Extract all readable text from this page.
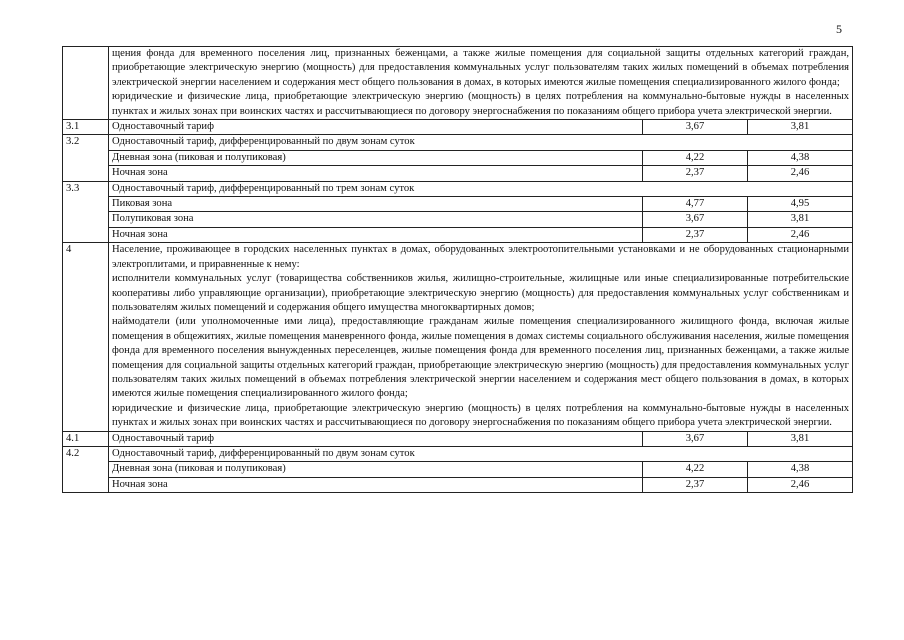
5

	щения фонда для временного поселения лиц, признанных беженцами, а также жилые помещения для социальной защиты отдельных категорий граждан, приобретающие электрическую энергию (мощность) для предоставления коммунальных услуг пользователям таких жилых помещений в объемах потребления электрической энергии населением и содержания мест общего пользования в домах, в которых имеются жилые помещения специализированного жилого фонда;

юридические и физические лица, приобретающие электрическую энергию (мощность) в целях потребления на коммунально-бытовые нужды в населенных пунктах и жилых зонах при воинских частях и рассчитывающиеся по договору энергоснабжения по показаниям общего прибора учета электрической энергии.		

3.1	Одноставочный тариф	3,67	3,81
3.2	Одноставочный тариф, дифференцированный по двум зонам суток		
	Дневная зона (пиковая и полупиковая)	4,22	4,38
	Ночная зона	2,37	2,46
3.3	Одноставочный тариф, дифференцированный по трем зонам суток		
	Пиковая зона	4,77	4,95
	Полупиковая зона	3,67	3,81
	Ночная зона	2,37	2,46
4	Население, проживающее в городских населенных пунктах в домах, оборудованных электроотопительными установками и не оборудованных стационарными электроплитами, и приравненные к нему:

исполнители коммунальных услуг (товарищества собственников жилья, жилищно-строительные, жилищные или иные специализированные потребительские кооперативы либо управляющие организации), приобретающие электрическую энергию (мощность) для предоставления коммунальных услуг собственникам и пользователям жилых помещений и содержания общего имущества многоквартирных домов;

наймодатели (или уполномоченные ими лица), предоставляющие гражданам жилые помещения специализированного жилищного фонда, включая жилые помещения в общежитиях, жилые помещения маневренного фонда, жилые помещения в домах системы социального обслуживания населения, жилые помещения фонда для временного поселения вынужденных переселенцев, жилые помещения фонда для временного поселения лиц, признанных беженцами, а также жилые помещения для социальной защиты отдельных категорий граждан, приобретающие электрическую энергию (мощность) для предоставления коммунальных услуг пользователям таких жилых помещений в объемах потребления электрической энергии населением и содержания мест общего пользования в домах, в которых имеются жилые помещения специализированного жилого фонда;

юридические и физические лица, приобретающие электрическую энергию (мощность) в целях потребления на коммунально-бытовые нужды в населенных пунктах и жилых зонах при воинских частях и рассчитывающиеся по договору энергоснабжения по показаниям общего прибора учета электрической энергии.		

4.1	Одноставочный тариф	3,67	3,81
4.2	Одноставочный тариф, дифференцированный по двум зонам суток		
	Дневная зона (пиковая и полупиковая)	4,22	4,38
	Ночная зона	2,37	2,46
